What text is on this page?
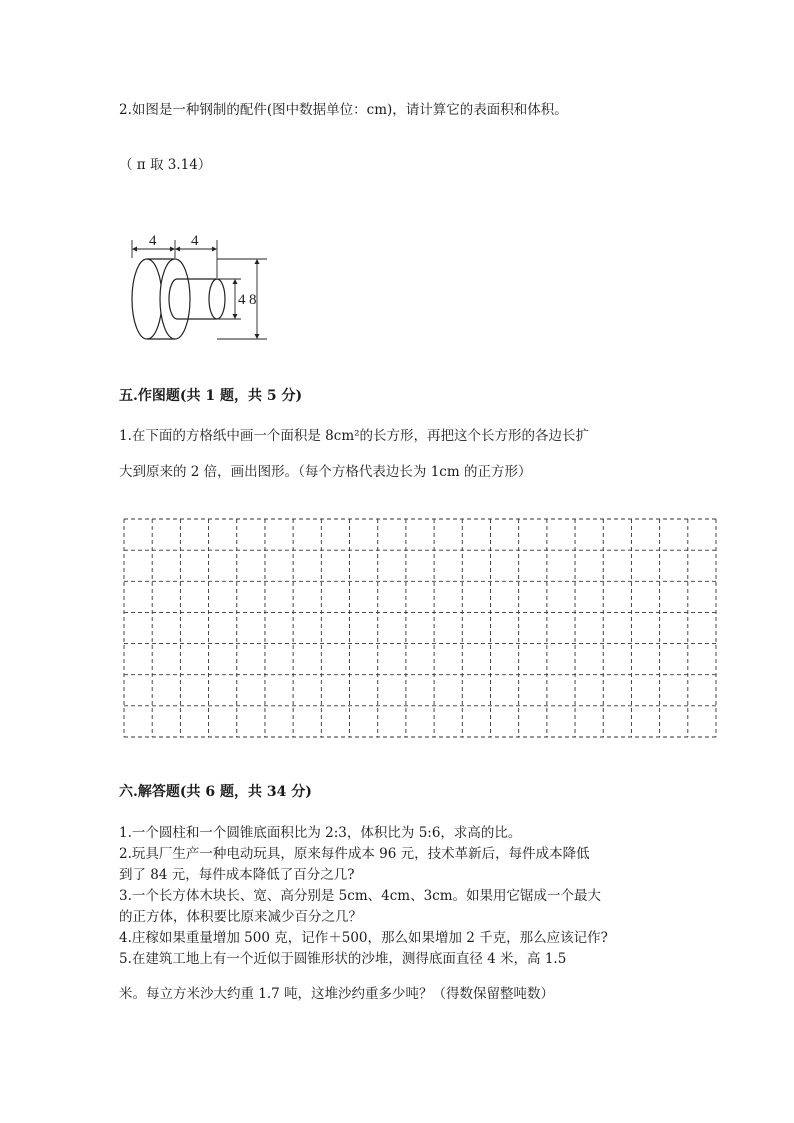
2.如图是一种钢制的配件(图中数据单位：cm)，请计算它的表面积和体积。
（ π 取 3.14）
4 4
4 8
五.作图题(共 1 题，共 5 分)
1.在下面的方格纸中画一个面积是 8cm²的长方形，再把这个长方形的各边长扩
大到原来的 2 倍，画出图形。（每个方格代表边长为 1cm 的正方形）
六.解答题(共 6 题，共 34 分)
1.一个圆柱和一个圆锥底面积比为 2:3，体积比为 5:6，求高的比。
2.玩具厂生产一种电动玩具，原来每件成本 96 元，技术革新后，每件成本降低
到了 84 元，每件成本降低了百分之几?
3.一个长方体木块长、宽、高分别是 5cm、4cm、3cm。如果用它锯成一个最大
的正方体，体积要比原来减少百分之几？
4.庄稼如果重量增加 500 克，记作＋500，那么如果增加 2 千克，那么应该记作?
5.在建筑工地上有一个近似于圆锥形状的沙堆，测得底面直径 4 米，高 1.5
米。每立方米沙大约重 1.7 吨，这堆沙约重多少吨？（得数保留整吨数）
